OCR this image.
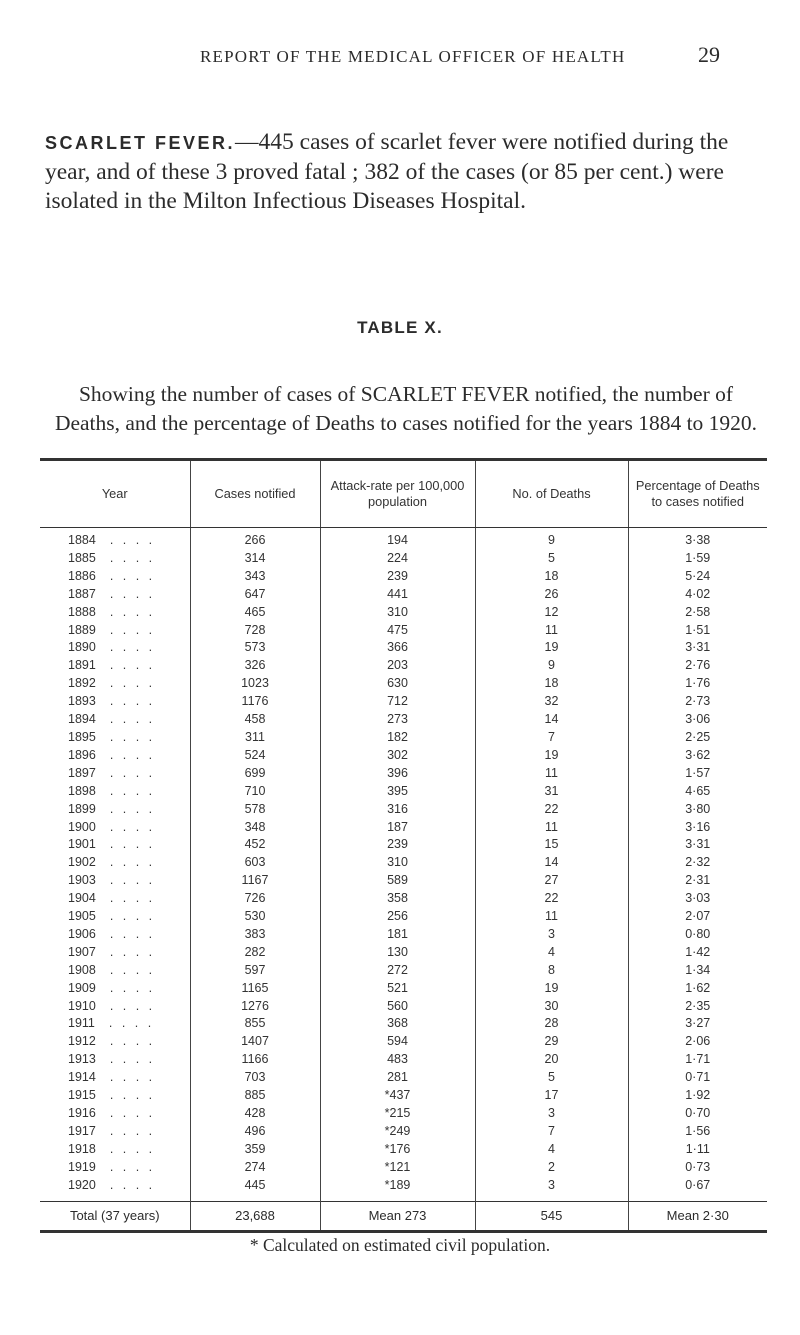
REPORT OF THE MEDICAL OFFICER OF HEALTH	29

SCARLET FEVER.—445 cases of scarlet fever were notified during the year, and of these 3 proved fatal ; 382 of the cases (or 85 per cent.) were isolated in the Milton Infectious Diseases Hospital.

TABLE X.

Showing the number of cases of SCARLET FEVER notified, the number of Deaths, and the percentage of Deaths to cases notified for the years 1884 to 1920.

Year	Cases notified	Attack-rate per 100,000 population	No. of Deaths	Percentage of Deaths to cases notified
1884 . . . .	266	194	9	3·38
1885 . . . .	314	224	5	1·59
1886 . . . .	343	239	18	5·24
1887 . . . .	647	441	26	4·02
1888 . . . .	465	310	12	2·58
1889 . . . .	728	475	11	1·51
1890 . . . .	573	366	19	3·31
1891 . . . .	326	203	9	2·76
1892 . . . .	1023	630	18	1·76
1893 . . . .	1176	712	32	2·73
1894 . . . .	458	273	14	3·06
1895 . . . .	311	182	7	2·25
1896 . . . .	524	302	19	3·62
1897 . . . .	699	396	11	1·57
1898 . . . .	710	395	31	4·65
1899 . . . .	578	316	22	3·80
1900 . . . .	348	187	11	3·16
1901 . . . .	452	239	15	3·31
1902 . . . .	603	310	14	2·32
1903 . . . .	1167	589	27	2·31
1904 . . . .	726	358	22	3·03
1905 . . . .	530	256	11	2·07
1906 . . . .	383	181	3	0·80
1907 . . . .	282	130	4	1·42
1908 . . . .	597	272	8	1·34
1909 . . . .	1165	521	19	1·62
1910 . . . .	1276	560	30	2·35
1911 . . . .	855	368	28	3·27
1912 . . . .	1407	594	29	2·06
1913 . . . .	1166	483	20	1·71
1914 . . . .	703	281	5	0·71
1915 . . . .	885	*437	17	1·92
1916 . . . .	428	*215	3	0·70
1917 . . . .	496	*249	7	1·56
1918 . . . .	359	*176	4	1·11
1919 . . . .	274	*121	2	0·73
1920 . . . .	445	*189	3	0·67
Total (37 years)	23,688	Mean 273	545	Mean 2·30
* Calculated on estimated civil population.
